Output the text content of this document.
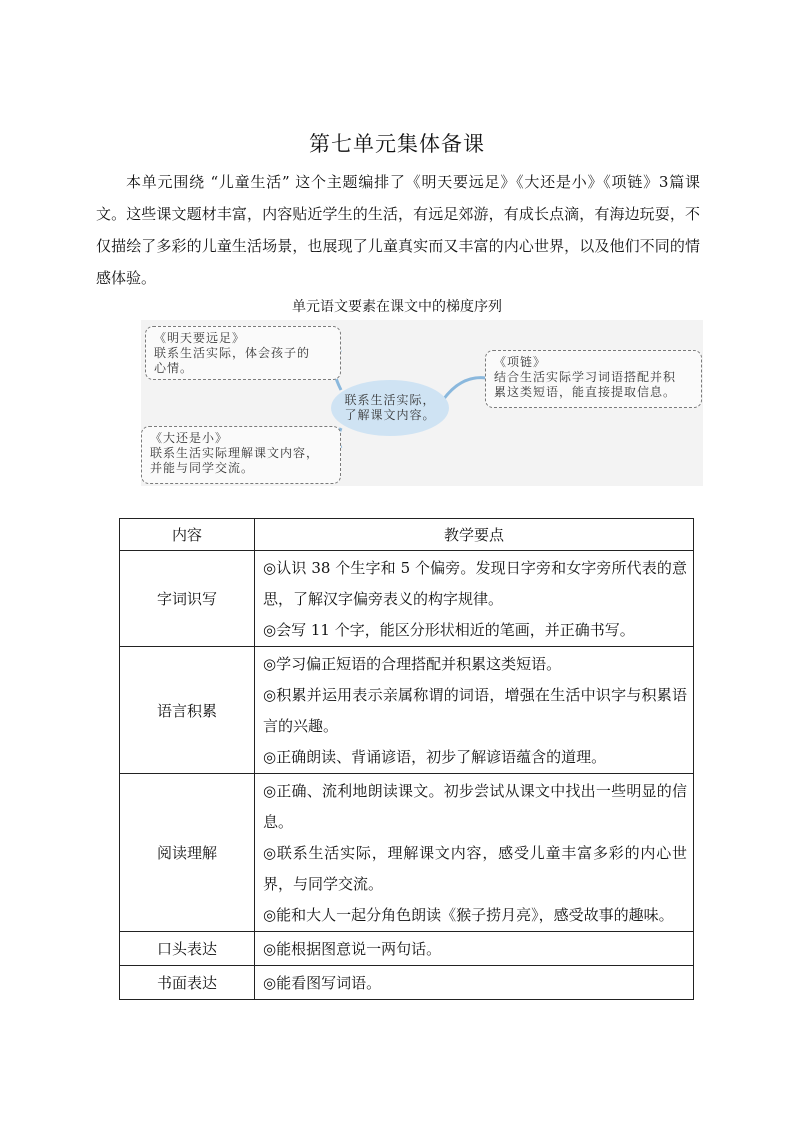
第七单元集体备课
本单元围绕 “儿童生活” 这个主题编排了《明天要远足》《大还是小》《项链》3篇课文。这些课文题材丰富，内容贴近学生的生活，有远足郊游，有成长点滴，有海边玩耍，不仅描绘了多彩的儿童生活场景，也展现了儿童真实而又丰富的内心世界，以及他们不同的情感体验。
单元语文要素在课文中的梯度序列
《明天要远足》
联系生活实际，体会孩子的
心情。
联系生活实际，
了解课文内容。
《项链》
结合生活实际学习词语搭配并积
累这类短语，能直接提取信息。
《大还是小》
联系生活实际理解课文内容，
并能与同学交流。
内容	教学要点
字词识写	◎认识 38 个生字和 5 个偏旁。发现日字旁和女字旁所代表的意思，了解汉字偏旁表义的构字规律。

◎会写 11 个字，能区分形状相近的笔画，并正确书写。

语言积累	◎学习偏正短语的合理搭配并积累这类短语。

◎积累并运用表示亲属称谓的词语，增强在生活中识字与积累语言的兴趣。

◎正确朗读、背诵谚语，初步了解谚语蕴含的道理。

阅读理解	◎正确、流利地朗读课文。初步尝试从课文中找出一些明显的信息。

◎联系生活实际，理解课文内容，感受儿童丰富多彩的内心世界，与同学交流。

◎能和大人一起分角色朗读《猴子捞月亮》，感受故事的趣味。

口头表达	◎能根据图意说一两句话。

书面表达	◎能看图写词语。
